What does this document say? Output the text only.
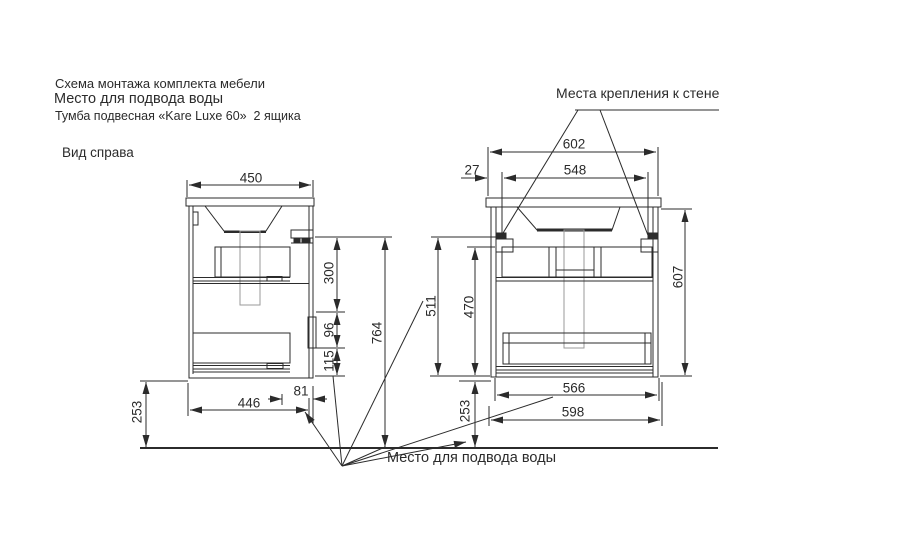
Схема монтажа комплекта мебели
Место для подвода воды
Тумба подвесная «Kare Luxe 60»  2 ящика
Вид справа
Места крепления к стене
Место для подвода воды
450
300
96
115
764
253	446
81
602
548
27
607
511 470
253
566
598
